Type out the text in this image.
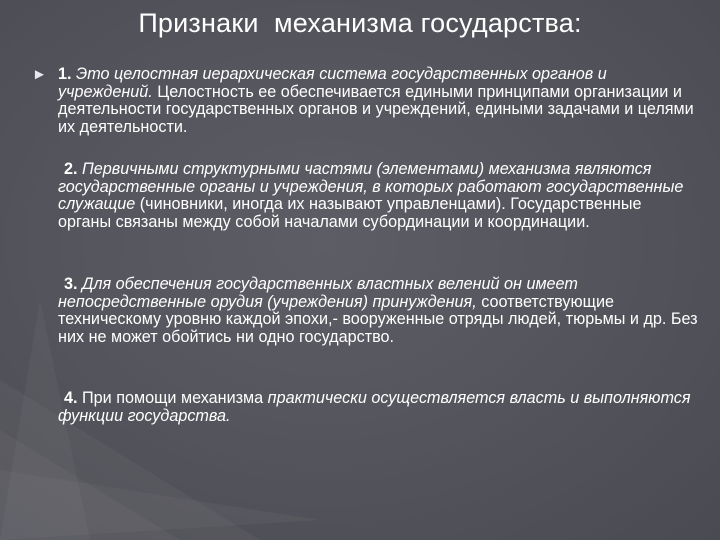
Признаки  механизма государства:
► 1. Это целостная иерархическая система государственных органов и учреждений. Целостность ее обеспечивается едиными принципами организации и деятельности государственных органов и учреждений, едиными задачами и целями их деятельности.
2. Первичными структурными частями (элементами) механизма являются государственные органы и учреждения, в которых работают государственные служащие (чиновники, иногда их называют управленцами). Государственные органы связаны между собой началами субординации и координации.
3. Для обеспечения государственных властных велений он имеет непосредственные орудия (учреждения) принуждения, соответствующие техническому уровню каждой эпохи,- вооруженные отряды людей, тюрьмы и др. Без них не может обойтись ни одно государство.
4. При помощи механизма практически осуществляется власть и выполняются функции государства.
